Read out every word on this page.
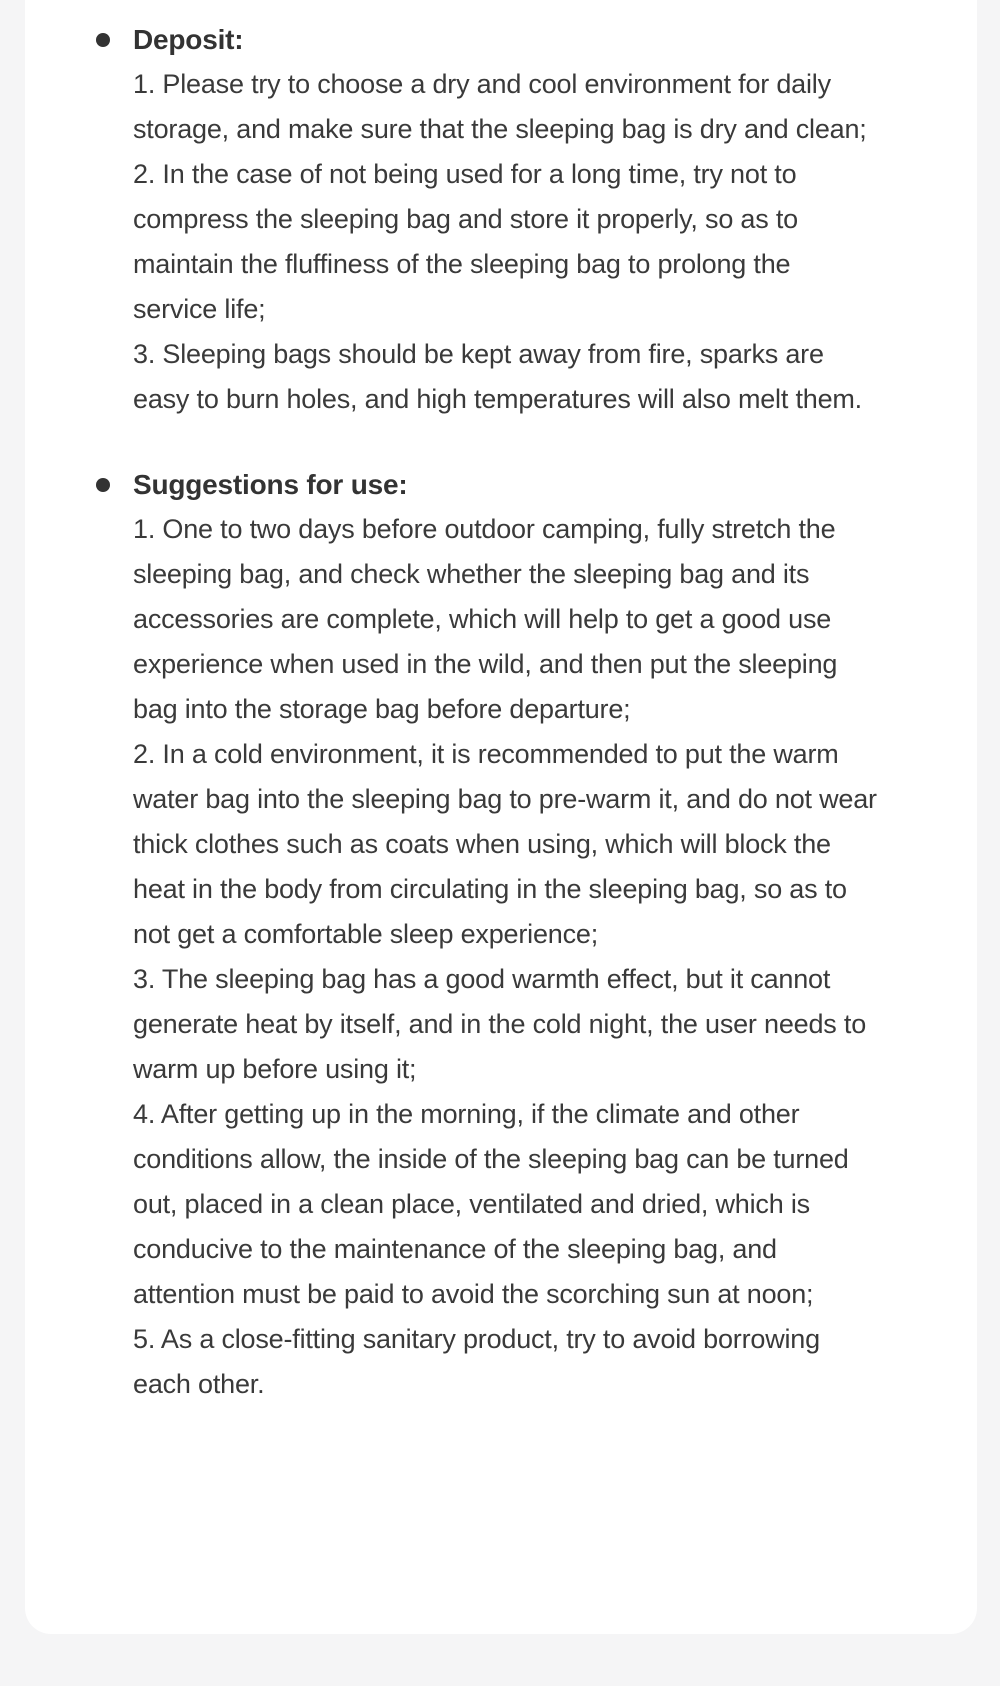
Deposit:

1. Please try to choose a dry and cool environment for daily storage, and make sure that the sleeping bag is dry and clean;

2. In the case of not being used for a long time, try not to compress the sleeping bag and store it properly, so as to maintain the fluffiness of the sleeping bag to prolong the service life;

3. Sleeping bags should be kept away from fire, sparks are easy to burn holes, and high temperatures will also melt them.

Suggestions for use:

1. One to two days before outdoor camping, fully stretch the sleeping bag, and check whether the sleeping bag and its accessories are complete, which will help to get a good use experience when used in the wild, and then put the sleeping bag into the storage bag before departure;

2. In a cold environment, it is recommended to put the warm water bag into the sleeping bag to pre-warm it, and do not wear thick clothes such as coats when using, which will block the heat in the body from circulating in the sleeping bag, so as to not get a comfortable sleep experience;

3. The sleeping bag has a good warmth effect, but it cannot generate heat by itself, and in the cold night, the user needs to warm up before using it;

4. After getting up in the morning, if the climate and other conditions allow, the inside of the sleeping bag can be turned out, placed in a clean place, ventilated and dried, which is conducive to the maintenance of the sleeping bag, and attention must be paid to avoid the scorching sun at noon;

5. As a close-fitting sanitary product, try to avoid borrowing each other.
